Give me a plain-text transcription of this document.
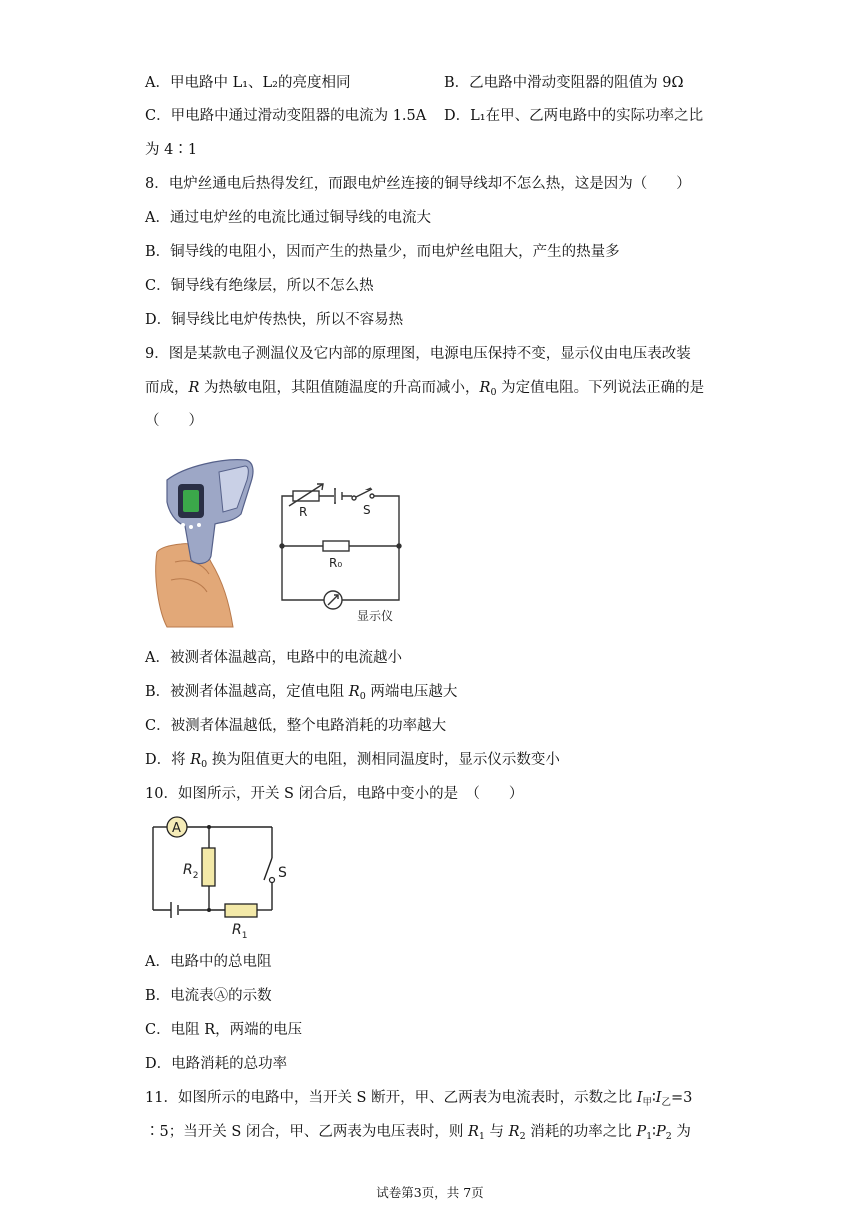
A．甲电路中 L₁、L₂的亮度相同	B．乙电路中滑动变阻器的阻值为 9Ω
C．甲电路中通过滑动变阻器的电流为 1.5A D．L₁在甲、乙两电路中的实际功率之比
为 4∶1
8．电炉丝通电后热得发红，而跟电炉丝连接的铜导线却不怎么热，这是因为（　　）
A．通过电炉丝的电流比通过铜导线的电流大
B．铜导线的电阻小，因而产生的热量少，而电炉丝电阻大，产生的热量多
C．铜导线有绝缘层，所以不怎么热
D．铜导线比电炉传热快，所以不容易热
9．图是某款电子测温仪及它内部的原理图，电源电压保持不变，显示仪由电压表改装
而成，R 为热敏电阻，其阻值随温度的升高而减小，$R_0$ 为定值电阻。下列说法正确的是
（　　）
R	S
R₀
显示仪
A．被测者体温越高，电路中的电流越小
B．被测者体温越高，定值电阻 $R_0$ 两端电压越大
C．被测者体温越低，整个电路消耗的功率越大
D．将 $R_0$ 换为阻值更大的电阻，测相同温度时，显示仪示数变小
10．如图所示，开关 S 闭合后，电路中变小的是　（　　）
A
$R_2$	S
$R_1$
A．电路中的总电阻
B．电流表Ⓐ的示数
C．电阻 R，两端的电压
D．电路消耗的总功率
11．如图所示的电路中，当开关 S 断开，甲、乙两表为电流表时，示数之比 $I_甲∶I_乙=3$
∶5；当开关 S 闭合，甲、乙两表为电压表时，则 $R_1$ 与 $R_2$ 消耗的功率之比 $P_1∶P_2$ 为
试卷第3页，共 7页
